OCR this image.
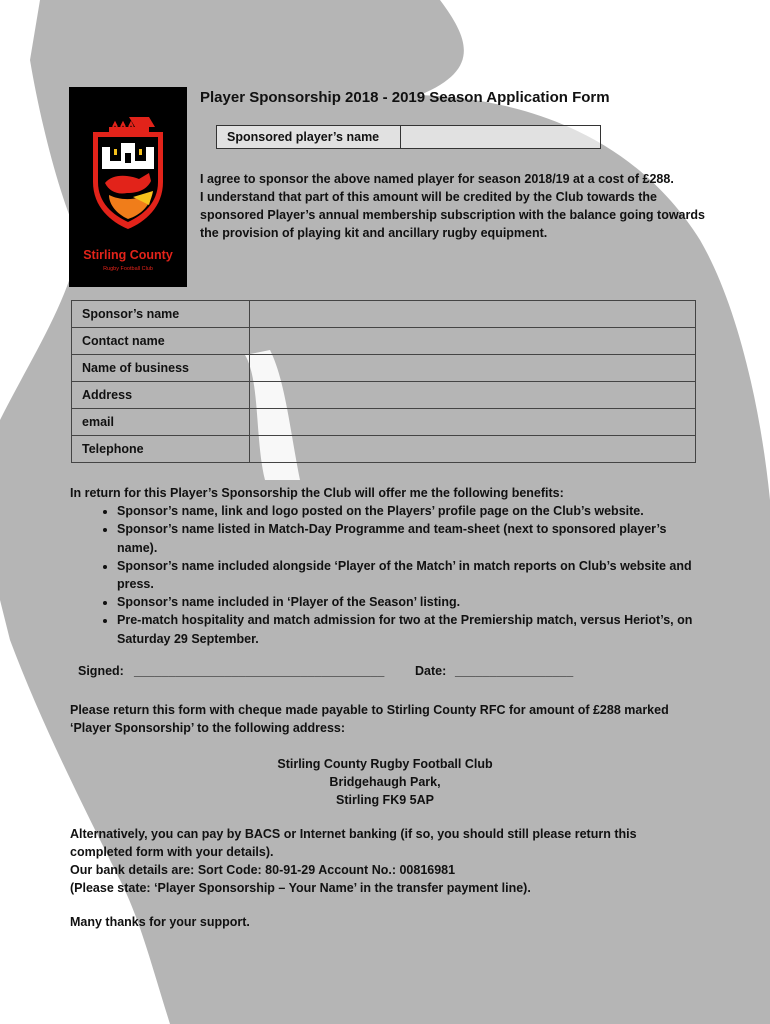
Stirling County
Rugby Football Club
Player Sponsorship 2018 - 2019 Season Application Form
Sponsored player’s name

I agree to sponsor the above named player for season 2018/19 at a cost of £288.

I understand that part of this amount will be credited by the Club towards the sponsored Player’s annual membership subscription with the balance going towards the provision of playing kit and ancillary rugby equipment.

Sponsor’s name	
Contact name	
Name of business	
Address	
email	
Telephone	

In return for this Player’s Sponsorship the Club will offer me the following benefits:

• Sponsor’s name, link and logo posted on the Players’ profile page on the Club’s website.
• Sponsor’s name listed in Match-Day Programme and team-sheet (next to sponsored player’s name).
• Sponsor’s name included alongside ‘Player of the Match’ in match reports on Club’s website and press.
• Sponsor’s name included in ‘Player of the Season’ listing.
• Pre-match hospitality and match admission for two at the Premiership match, versus Heriot’s, on Saturday 29 September.
Signed: ____________________________________ Date: _________________

Please return this form with cheque made payable to Stirling County RFC for amount of £288 marked ‘Player Sponsorship’ to the following address:

Stirling County Rugby Football Club
Bridgehaugh Park,
Stirling FK9 5AP
Alternatively, you can pay by BACS or Internet banking (if so, you should still please return this
completed form with your details).
Our bank details are: Sort Code: 80-91-29 Account No.: 00816981
(Please state: ‘Player Sponsorship – Your Name’ in the transfer payment line).
Many thanks for your support.
